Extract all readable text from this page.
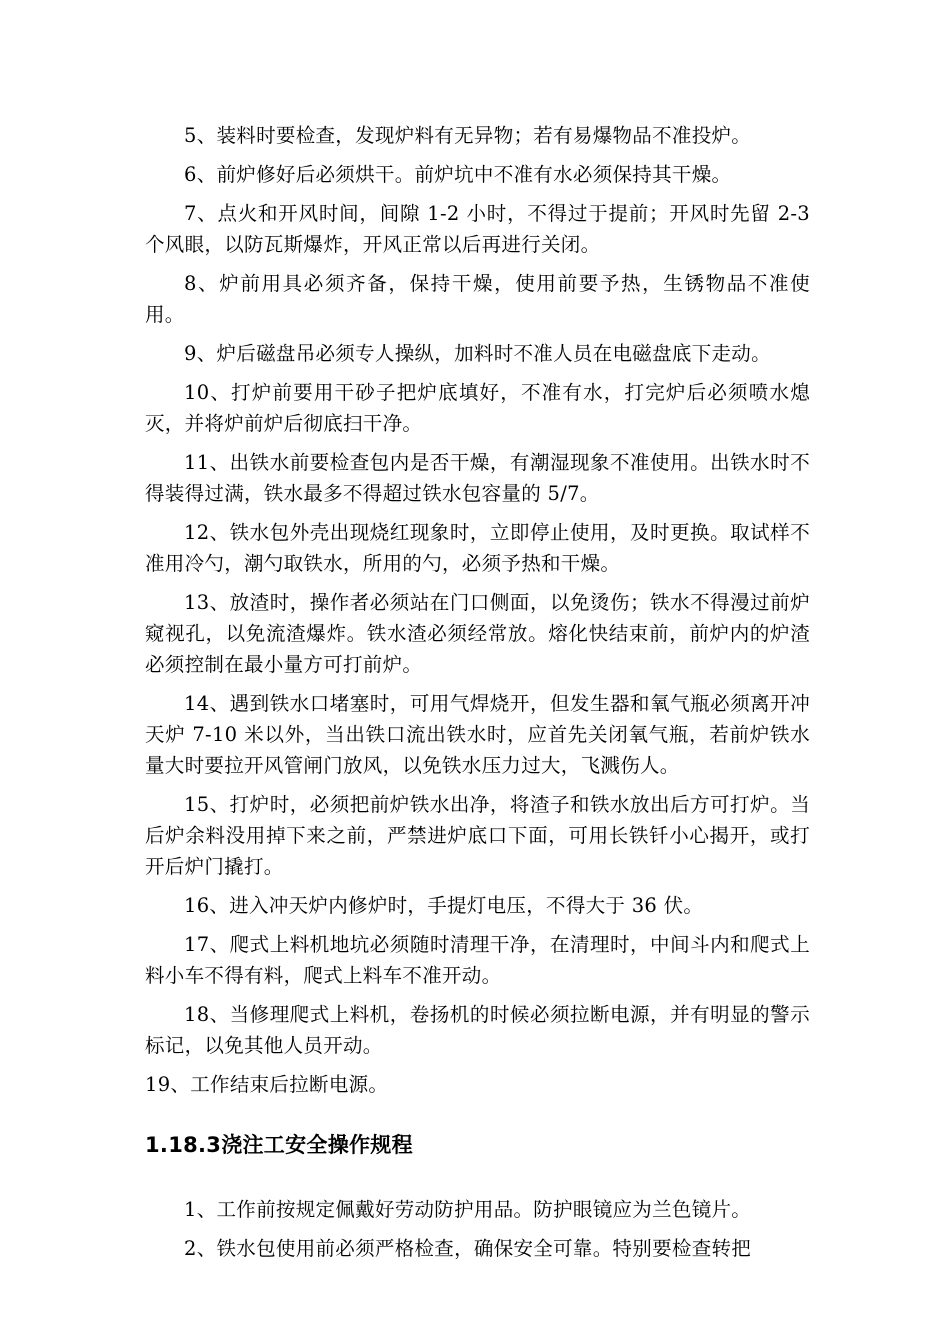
5、装料时要检查，发现炉料有无异物；若有易爆物品不准投炉。

6、前炉修好后必须烘干。前炉坑中不准有水必须保持其干燥。

7、点火和开风时间，间隙 1-2 小时，不得过于提前；开风时先留 2-3 个风眼，以防瓦斯爆炸，开风正常以后再进行关闭。

8、炉前用具必须齐备，保持干燥，使用前要予热，生锈物品不准使用。

9、炉后磁盘吊必须专人操纵，加料时不准人员在电磁盘底下走动。

10、打炉前要用干砂子把炉底填好，不准有水，打完炉后必须喷水熄灭，并将炉前炉后彻底扫干净。

11、出铁水前要检查包内是否干燥，有潮湿现象不准使用。出铁水时不得装得过满，铁水最多不得超过铁水包容量的 5/7。

12、铁水包外壳出现烧红现象时，立即停止使用，及时更换。取试样不准用冷勺，潮勺取铁水，所用的勺，必须予热和干燥。

13、放渣时，操作者必须站在门口侧面，以免烫伤；铁水不得漫过前炉窥视孔，以免流渣爆炸。铁水渣必须经常放。熔化快结束前，前炉内的炉渣必须控制在最小量方可打前炉。

14、遇到铁水口堵塞时，可用气焊烧开，但发生器和氧气瓶必须离开冲天炉 7-10 米以外，当出铁口流出铁水时，应首先关闭氧气瓶，若前炉铁水量大时要拉开风管闸门放风，以免铁水压力过大，飞溅伤人。

15、打炉时，必须把前炉铁水出净，将渣子和铁水放出后方可打炉。当后炉余料没用掉下来之前，严禁进炉底口下面，可用长铁钎小心揭开，或打开后炉门撬打。

16、进入冲天炉内修炉时，手提灯电压，不得大于 36 伏。

17、爬式上料机地坑必须随时清理干净，在清理时，中间斗内和爬式上料小车不得有料，爬式上料车不准开动。

18、当修理爬式上料机，卷扬机的时候必须拉断电源，并有明显的警示标记，以免其他人员开动。

19、工作结束后拉断电源。

1.18.3浇注工安全操作规程

1、工作前按规定佩戴好劳动防护用品。防护眼镜应为兰色镜片。

2、铁水包使用前必须严格检查，确保安全可靠。特别要检查转把
